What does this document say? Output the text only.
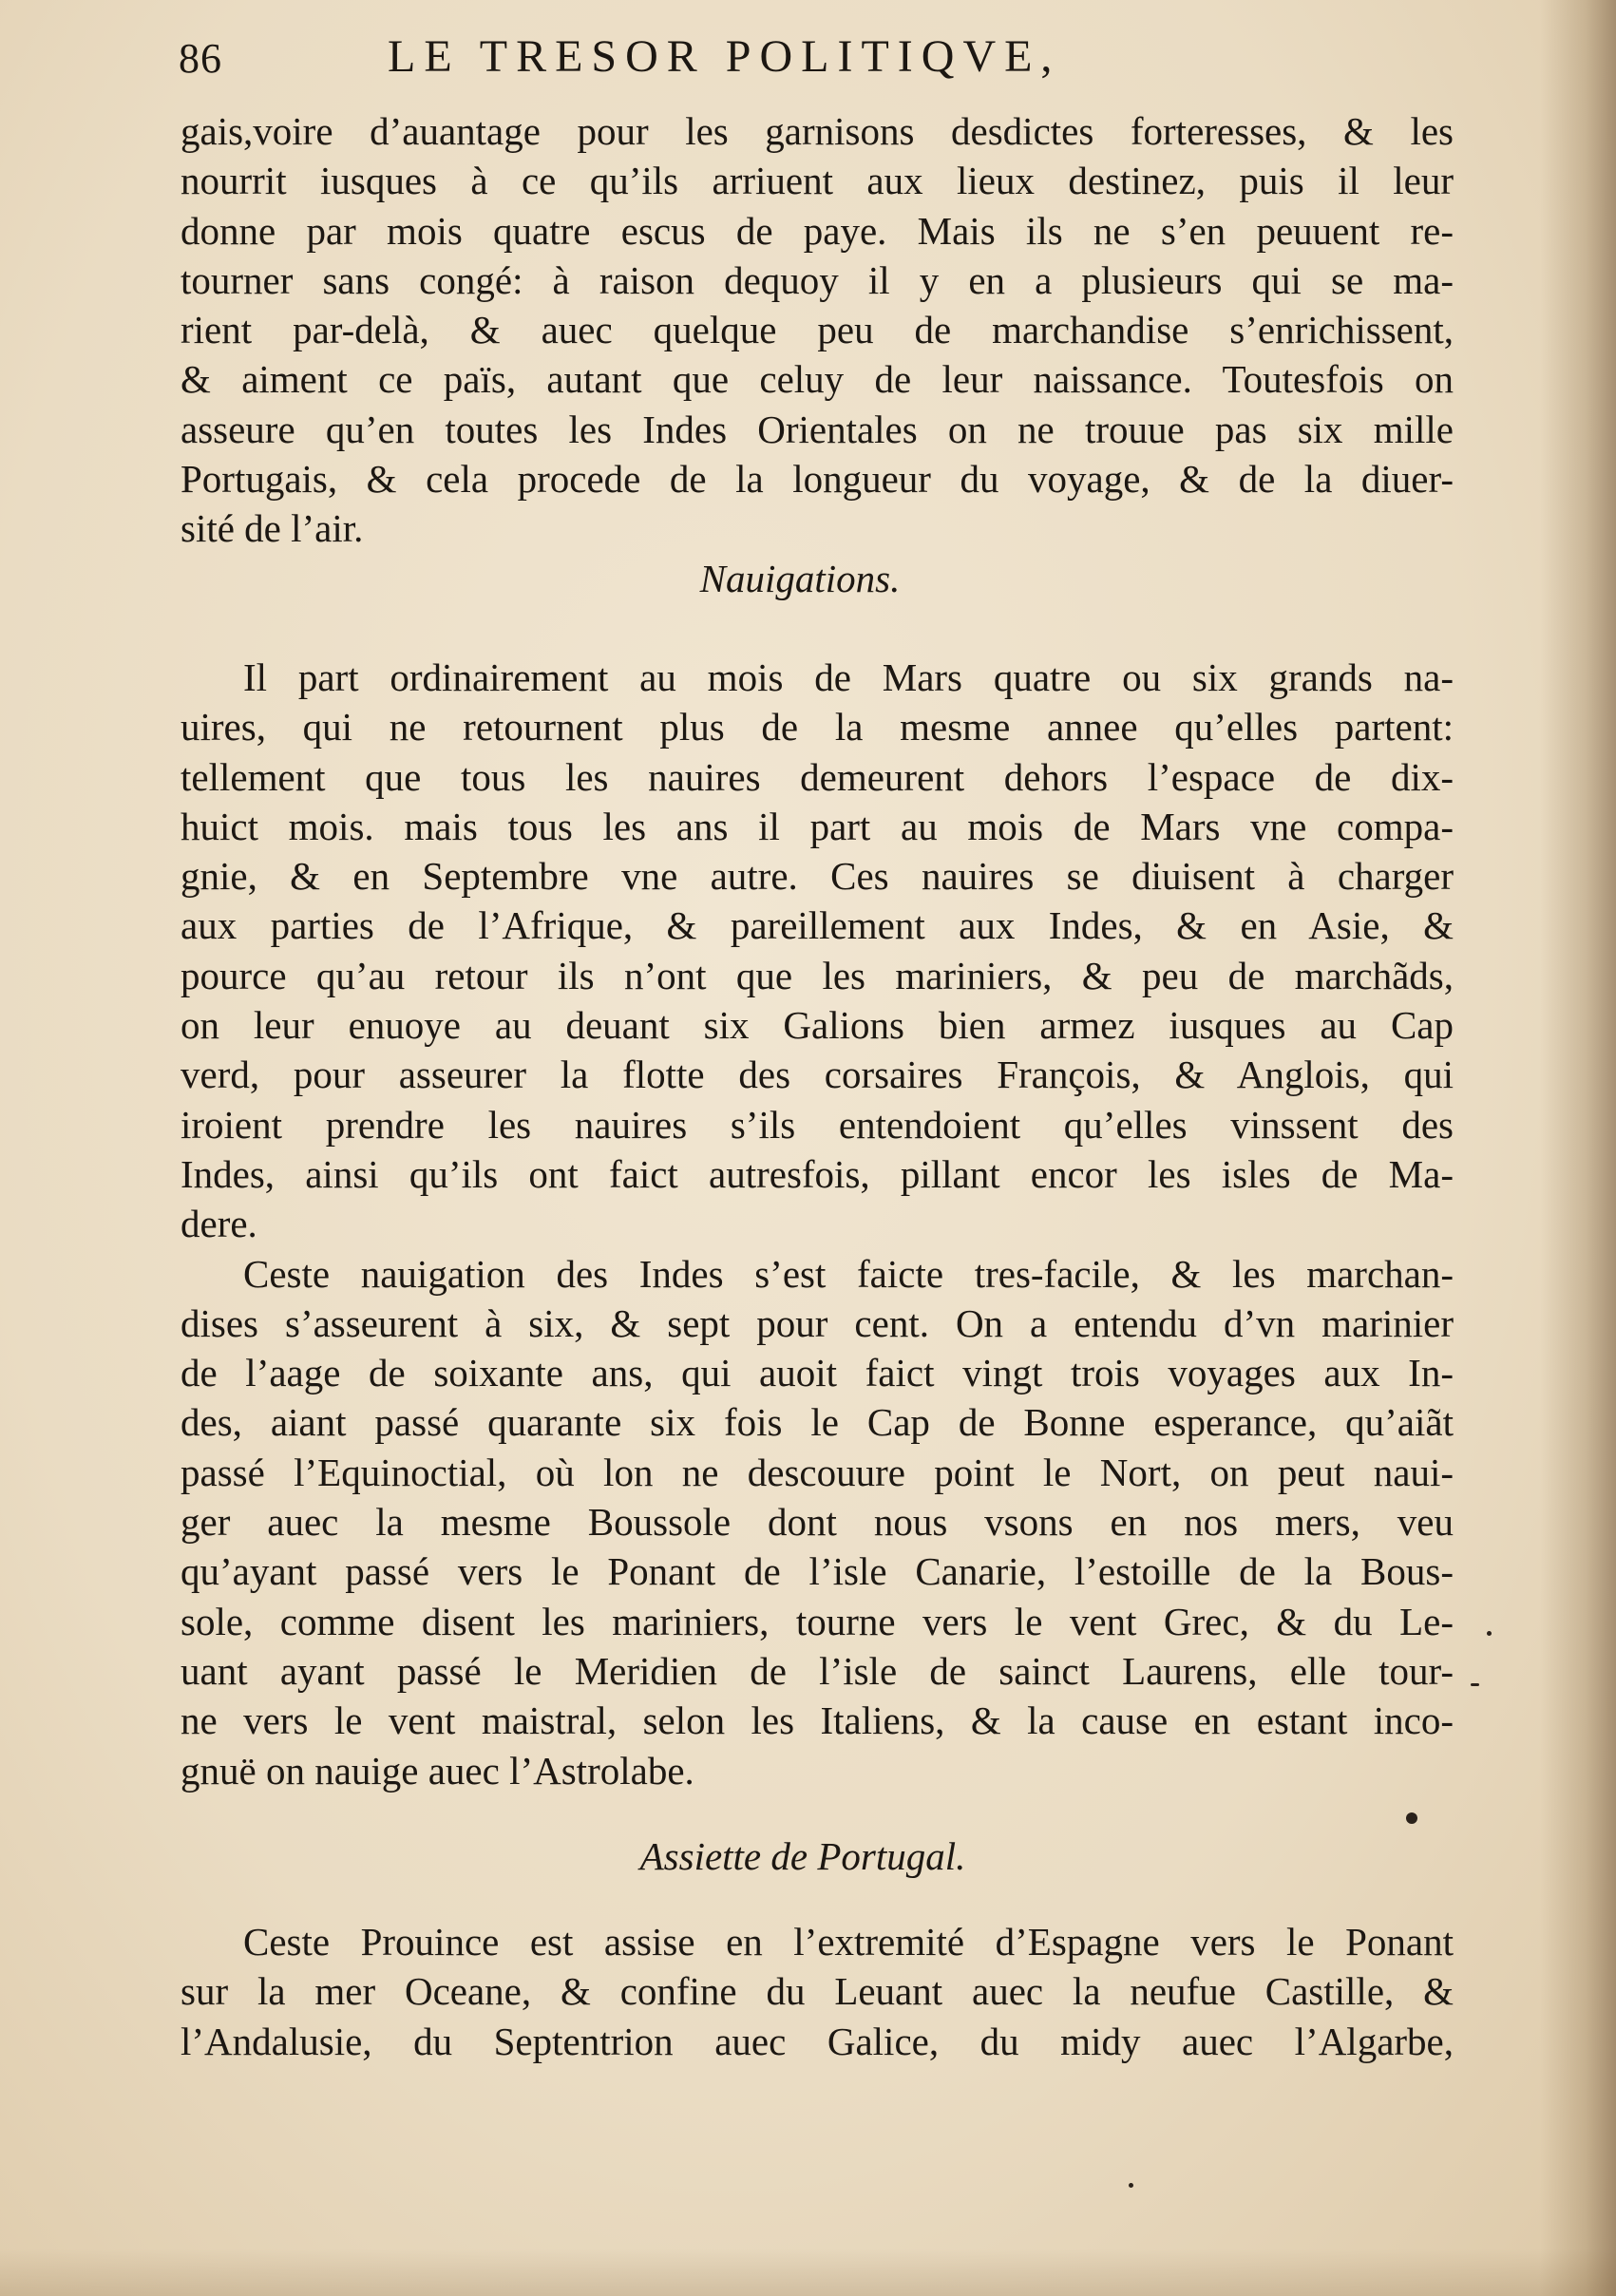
86	LE TRESOR POLITIQVE,
gais,voire d’auantage pour les garnisons desdictes forteresses, & les
nourrit iusques à ce qu’ils arriuent aux lieux destinez, puis il leur
donne par mois quatre escus de paye. Mais ils ne s’en peuuent re-
tourner sans congé: à raison dequoy il y en a plusieurs qui se ma-
rient par-delà, & auec quelque peu de marchandise s’enrichissent,
& aiment ce païs, autant que celuy de leur naissance. Toutesfois on
asseure qu’en toutes les Indes Orientales on ne trouue pas six mille
Portugais, & cela procede de la longueur du voyage, & de la diuer-
sité de l’air.
Nauigations.
Il part ordinairement au mois de Mars quatre ou six grands na-
uires, qui ne retournent plus de la mesme annee qu’elles partent:
tellement que tous les nauires demeurent dehors l’espace de dix-
huict mois. mais tous les ans il part au mois de Mars vne compa-
gnie, & en Septembre vne autre. Ces nauires se diuisent à charger
aux parties de l’Afrique, & pareillement aux Indes, & en Asie, &
pource qu’au retour ils n’ont que les mariniers, & peu de marchãds,
on leur enuoye au deuant six Galions bien armez iusques au Cap
verd, pour asseurer la flotte des corsaires François, & Anglois, qui
iroient prendre les nauires s’ils entendoient qu’elles vinssent des
Indes, ainsi qu’ils ont faict autresfois, pillant encor les isles de Ma-
dere.
Ceste nauigation des Indes s’est faicte tres-facile, & les marchan-
dises s’asseurent à six, & sept pour cent. On a entendu d’vn marinier
de l’aage de soixante ans, qui auoit faict vingt trois voyages aux In-
des, aiant passé quarante six fois le Cap de Bonne esperance, qu’aiãt
passé l’Equinoctial, où lon ne descouure point le Nort, on peut naui-
ger auec la mesme Boussole dont nous vsons en nos mers, veu
qu’ayant passé vers le Ponant de l’isle Canarie, l’estoille de la Bous-
sole, comme disent les mariniers, tourne vers le vent Grec, & du Le-
uant ayant passé le Meridien de l’isle de sainct Laurens, elle tour-
ne vers le vent maistral, selon les Italiens, & la cause en estant inco-
gnuë on nauige auec l’Astrolabe.
Assiette de Portugal.
Ceste Prouince est assise en l’extremité d’Espagne vers le Ponant
sur la mer Oceane, & confine du Leuant auec la neufue Castille, &
l’Andalusie, du Septentrion auec Galice, du midy auec l’Algarbe,
